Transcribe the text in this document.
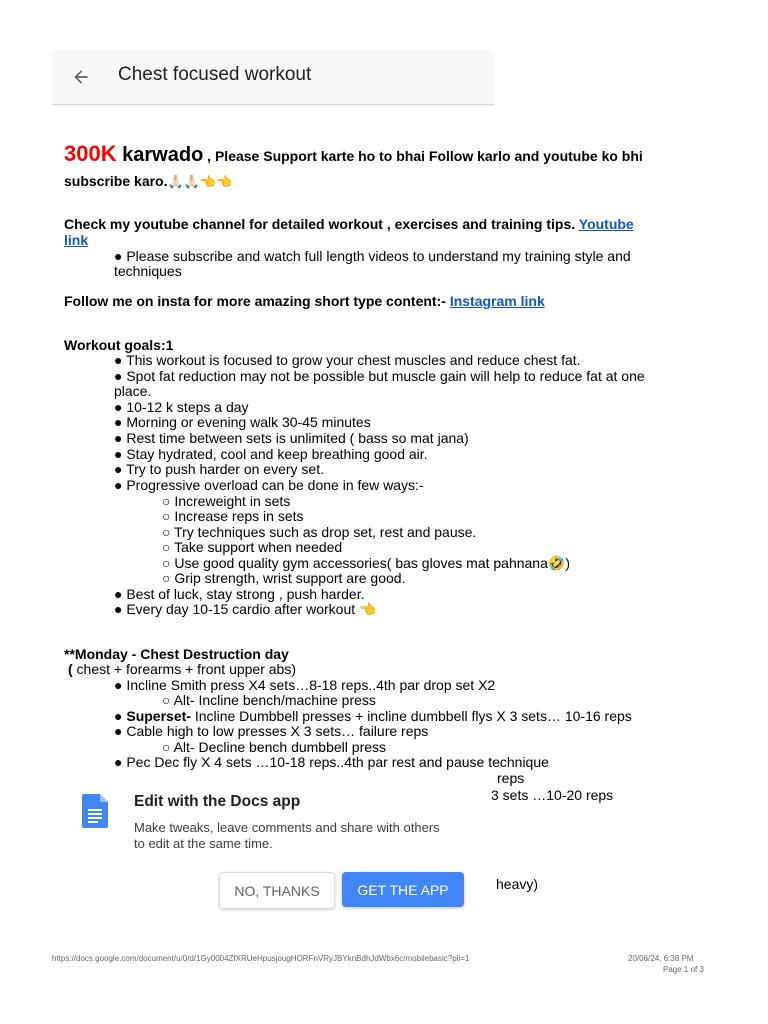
Chest focused workout
300K karwado , Please Support karte ho to bhai Follow karlo and youtube ko bhi
subscribe karo.🙏🏻🙏🏻👈👈
Check my youtube channel for detailed workout , exercises and training tips. Youtube
link
● Please subscribe and watch full length videos to understand my training style and
techniques
Follow me on insta for more amazing short type content:- Instagram link
Workout goals:1
● This workout is focused to grow your chest muscles and reduce chest fat.
● Spot fat reduction may not be possible but muscle gain will help to reduce fat at one
place.
● 10-12 k steps a day
● Morning or evening walk 30-45 minutes
● Rest time between sets is unlimited ( bass so mat jana)
● Stay hydrated, cool and keep breathing good air.
● Try to push harder on every set.
● Progressive overload can be done in few ways:-
○ Increweight in sets
○ Increase reps in sets
○ Try techniques such as drop set, rest and pause.
○ Take support when needed
○ Use good quality gym accessories( bas gloves mat pahnana🤣)
○ Grip strength, wrist support are good.
● Best of luck, stay strong , push harder.
● Every day 10-15 cardio after workout 👈
**Monday - Chest Destruction day
( chest + forearms + front upper abs)
● Incline Smith press X4 sets…8-18 reps..4th par drop set X2
○ Alt- Incline bench/machine press
● Superset- Incline Dumbbell presses + incline dumbbell flys X 3 sets… 10-16 reps
● Cable high to low presses X 3 sets… failure reps
○ Alt- Decline bench dumbbell press
● Pec Dec fly X 4 sets …10-18 reps..4th par rest and pause technique
reps
3 sets …10-20 reps
heavy)
Edit with the Docs app
Make tweaks, leave comments and share with others to edit at the same time.
NO, THANKS	GET THE APP
https://docs.google.com/document/u/0/d/1Gy0004ZfXRUeHpusjougHORFnVRyJBYknBdhJdWbx6c/mobilebasic?pli=1	20/06/24, 6:38 PM
Page 1 of 3
